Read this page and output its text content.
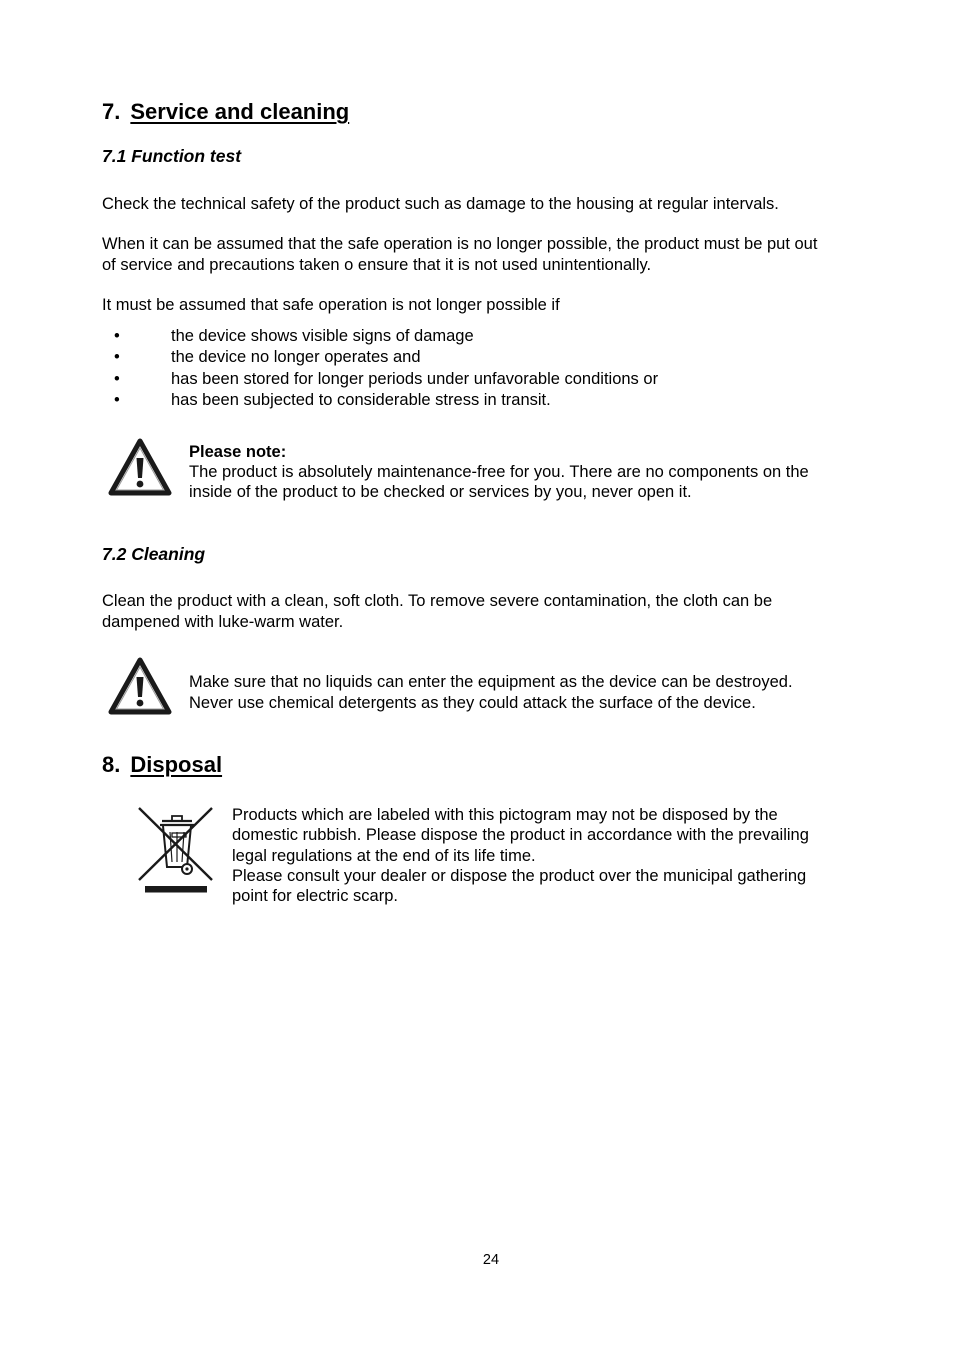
7. Service and cleaning
7.1 Function test

Check the technical safety of the product such as damage to the housing at regular intervals.

When it can be assumed that the safe operation is no longer possible, the product must be put out

of service and precautions taken o ensure that it is not used unintentionally.

It must be assumed that safe operation is not longer possible if

•	the device shows visible signs of damage
•	the device no longer operates and
•	has been stored for longer periods under unfavorable conditions or
•	has been subjected to considerable stress in transit.
Please note:

The product is absolutely maintenance-free for you. There are no components on the

inside of the product to be checked or services by you, never open it.

7.2 Cleaning

Clean the product with a clean, soft cloth. To remove severe contamination, the cloth can be

dampened with luke-warm water.

Make sure that no liquids can enter the equipment as the device can be destroyed.

Never use chemical detergents as they could attack the surface of the device.

8. Disposal

Products which are labeled with this pictogram may not be disposed by the

domestic rubbish. Please dispose the product in accordance with the prevailing

legal regulations at the end of its life time.

Please consult your dealer or dispose the product over the municipal gathering

point for electric scarp.

24
